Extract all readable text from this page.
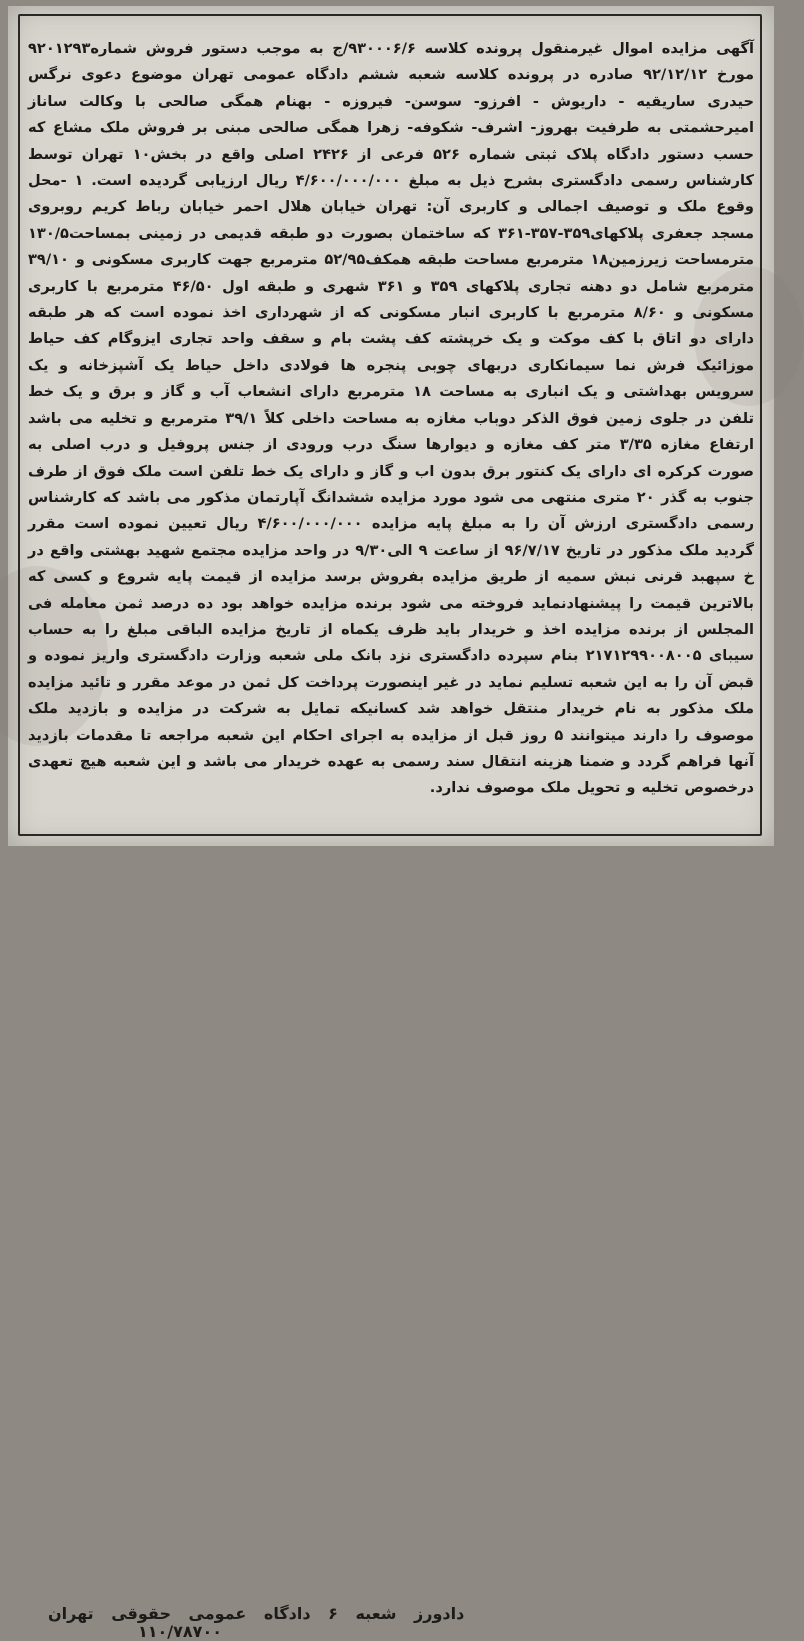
آگهی مزایده اموال غیرمنقول پرونده کلاسه ۹۳۰۰۰۶/۶/ج به موجب دستور فروش شماره۹۲۰۱۲۹۳ مورخ ۹۲/۱۲/۱۲ صادره در پرونده کلاسه شعبه ششم دادگاه عمومی تهران موضوع دعوی نرگس حیدری ساریقیه - داریوش - افرزو- سوسن- فیروزه - بهنام همگی صالحی با وکالت ساناز امیرحشمتی به طرفیت بهروز- اشرف- شکوفه- زهرا همگی صالحی مبنی بر فروش ملک مشاع که حسب دستور دادگاه پلاک ثبتی شماره ۵۲۶ فرعی از ۲۴۲۶ اصلی واقع در بخش۱۰ تهران توسط کارشناس رسمی دادگستری بشرح ذیل به مبلغ ۴/۶۰۰/۰۰۰/۰۰۰ ریال ارزیابی گردیده است. ۱ -محل وقوع ملک و توصیف اجمالی و کاربری آن: تهران خیابان هلال احمر خیابان رباط کریم روبروی مسجد جعفری پلاکهای۳۵۹-۳۵۷-۳۶۱ که ساختمان بصورت دو طبقه قدیمی در زمینی بمساحت۱۳۰/۵ مترمساحت زیرزمین۱۸ مترمربع مساحت طبقه همکف۵۲/۹۵ مترمربع جهت کاربری مسکونی و ۳۹/۱۰ مترمربع شامل دو دهنه تجاری پلاکهای ۳۵۹ و ۳۶۱ شهری و طبقه اول ۴۶/۵۰ مترمربع با کاربری مسکونی و ۸/۶۰ مترمربع با کاربری انبار مسکونی که از شهرداری اخذ نموده است که هر طبقه دارای دو اتاق با کف موکت و یک خرپشته کف پشت بام و سقف واحد تجاری ایزوگام کف حیاط موزائیک فرش نما سیمانکاری دربهای چوبی پنجره ها فولادی داخل حیاط یک آشپزخانه و یک سرویس بهداشتی و یک انباری به مساحت ۱۸ مترمربع دارای انشعاب آب و گاز و برق و یک خط تلفن در جلوی زمین فوق الذکر دوباب مغازه به مساحت داخلی کلاً ۳۹/۱ مترمربع و تخلیه می باشد ارتفاع مغازه ۳/۳۵ متر کف مغازه و دیوارها سنگ درب ورودی از جنس پروفیل و درب اصلی به صورت کرکره ای دارای یک کنتور برق بدون اب و گاز و دارای یک خط تلفن است ملک فوق از طرف جنوب به گذر ۲۰ متری منتهی می شود مورد مزایده ششدانگ آپارتمان مذکور می باشد که کارشناس رسمی دادگستری ارزش آن را به مبلغ پایه مزایده ۴/۶۰۰/۰۰۰/۰۰۰ ریال تعیین نموده است مقرر گردید ملک مذکور در تاریخ ۹۶/۷/۱۷ از ساعت ۹ الی۹/۳۰ در واحد مزایده مجتمع شهید بهشتی واقع در خ سپهبد قرنی نبش سمیه از طریق مزایده بفروش برسد مزایده از قیمت پایه شروع و کسی که بالاترین قیمت را پیشنهادنماید فروخته می شود برنده مزایده خواهد بود ده درصد ثمن معامله فی المجلس از برنده مزایده اخذ و خریدار باید ظرف یکماه از تاریخ مزایده الباقی مبلغ را به حساب سیبای ۲۱۷۱۲۹۹۰۰۸۰۰۵ بنام سپرده دادگستری نزد بانک ملی شعبه وزارت دادگستری واریز نموده و قبض آن را به این شعبه تسلیم نماید در غیر اینصورت پرداخت کل ثمن در موعد مقرر و تائید مزایده ملک مذکور به نام خریدار منتقل خواهد شد کسانیکه تمایل به شرکت در مزایده و بازدید ملک موصوف را دارند میتوانند ۵ روز قبل از مزایده به اجرای احکام این شعبه مراجعه تا مقدمات بازدید آنها فراهم گردد و ضمنا هزینه انتقال سند رسمی به عهده خریدار می باشد و این شعبه هیچ تعهدی درخصوص تخلیه و تحویل ملک موصوف ندارد.
دادورز شعبه ۶ دادگاه عمومی حقوقی تهران
۱۱۰/۷۸۷۰۰
